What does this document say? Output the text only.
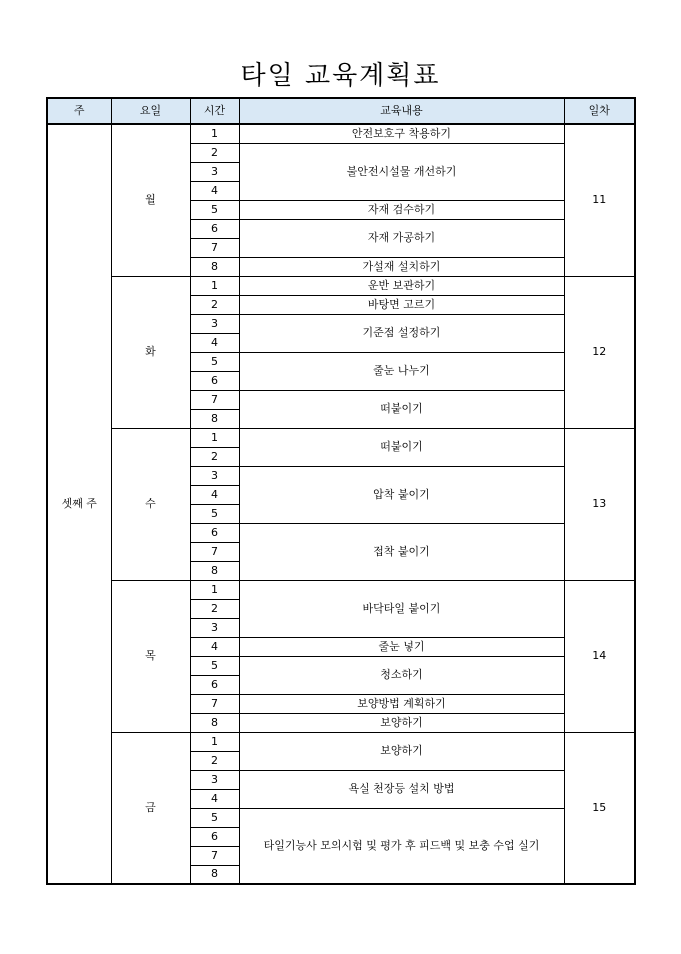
타일 교육계획표
주	요일	시간	교육내용	일차
셋째 주	월	1	안전보호구 착용하기	11
		2	불안전시설물 개선하기	
		3		
		4		
		5	자재 검수하기	
		6	자재 가공하기	
		7		
		8	가설재 설치하기	
	화	1	운반 보관하기	12
		2	바탕면 고르기	
		3	기준점 설정하기	
		4		
		5	줄눈 나누기	
		6		
		7	떠붙이기	
		8		
	수	1	떠붙이기	13
		2		
		3	압착 붙이기	
		4		
		5		
		6	접착 붙이기	
		7		
		8		
	목	1	바닥타일 붙이기	14
		2		
		3		
		4	줄눈 넣기	
		5	청소하기	
		6		
		7	보양방법 계획하기	
		8	보양하기	
	금	1	보양하기	15
		2		
		3	욕실 천장등 설치 방법	
		4		
		5	타일기능사 모의시험 및 평가 후 피드백 및 보충 수업 실기	
		6		
		7		
		8		
